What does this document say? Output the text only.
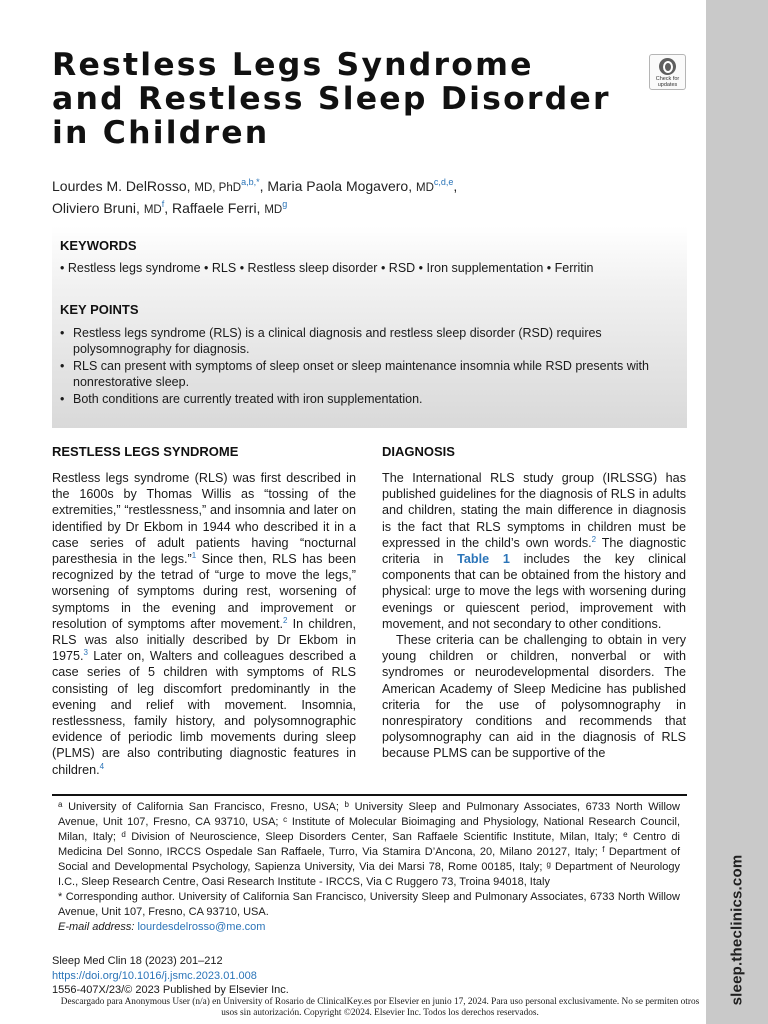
sleep.theclinics.com
Restless Legs Syndrome and Restless Sleep Disorder in Children
Check for updates
Lourdes M. DelRosso, MD, PhD$^{a,b,*}$, Maria Paola Mogavero, MD$^{c,d,e}$,
Oliviero Bruni, $MD^f$, Raffaele Ferri, $MD^g$
KEYWORDS
• Restless legs syndrome • RLS • Restless sleep disorder • RSD • Iron supplementation • Ferritin
KEY POINTS
• Restless legs syndrome (RLS) is a clinical diagnosis and restless sleep disorder (RSD) requires polysomnography for diagnosis.
• RLS can present with symptoms of sleep onset or sleep maintenance insomnia while RSD presents with nonrestorative sleep.
• Both conditions are currently treated with iron supplementation.
RESTLESS LEGS SYNDROME

Restless legs syndrome (RLS) was first described in the 1600s by Thomas Willis as “tossing of the extremities,” “restlessness,” and insomnia and later on identified by Dr Ekbom in 1944 who described it in a case series of adult patients having “nocturnal paresthesia in the legs.”$^1$ Since then, RLS has been recognized by the tetrad of “urge to move the legs,” worsening of symptoms during rest, worsening of symptoms in the evening and improvement or resolution of symptoms after movement.$^2$ In children, RLS was also initially described by Dr Ekbom in 1975.$^3$ Later on, Walters and colleagues described a case series of 5 children with symptoms of RLS consisting of leg discomfort predominantly in the evening and relief with movement. Insomnia, restlessness, family history, and polysomnographic evidence of periodic limb movements during sleep (PLMS) are also contributing diagnostic features in children.$^4$

DIAGNOSIS

The International RLS study group (IRLSSG) has published guidelines for the diagnosis of RLS in adults and children, stating the main difference in diagnosis is the fact that RLS symptoms in children must be expressed in the child’s own words.$^2$ The diagnostic criteria in Table 1 includes the key clinical components that can be obtained from the history and physical: urge to move the legs with worsening during evenings or quiescent period, improvement with movement, and not secondary to other conditions.

These criteria can be challenging to obtain in very young children or children, nonverbal or with syndromes or neurodevelopmental disorders. The American Academy of Sleep Medicine has published criteria for the use of polysomnography in nonrespiratory conditions and recommends that polysomnography can aid in the diagnosis of RLS because PLMS can be supportive of the

$^a$ University of California San Francisco, Fresno, USA; $^b$ University Sleep and Pulmonary Associates, 6733 North Willow Avenue, Unit 107, Fresno, CA 93710, USA; $^c$ Institute of Molecular Bioimaging and Physiology, National Research Council, Milan, Italy; $^d$ Division of Neuroscience, Sleep Disorders Center, San Raffaele Scientific Institute, Milan, Italy; $^e$ Centro di Medicina Del Sonno, IRCCS Ospedale San Raffaele, Turro, Via Stamira D’Ancona, 20, Milano 20127, Italy; $^f$ Department of Social and Developmental Psychology, Sapienza University, Via dei Marsi 78, Rome 00185, Italy; $^g$ Department of Neurology I.C., Sleep Research Centre, Oasi Research Institute - IRCCS, Via C Ruggero 73, Troina 94018, Italy
* Corresponding author. University of California San Francisco, University Sleep and Pulmonary Associates, 6733 North Willow Avenue, Unit 107, Fresno, CA 93710, USA.
E-mail address: lourdesdelrosso@me.com
Sleep Med Clin 18 (2023) 201–212
https://doi.org/10.1016/j.jsmc.2023.01.008
1556-407X/23/© 2023 Published by Elsevier Inc.
Descargado para Anonymous User (n/a) en University of Rosario de ClinicalKey.es por Elsevier en junio 17, 2024. Para uso personal exclusivamente. No se permiten otros usos sin autorización. Copyright ©2024. Elsevier Inc. Todos los derechos reservados.
